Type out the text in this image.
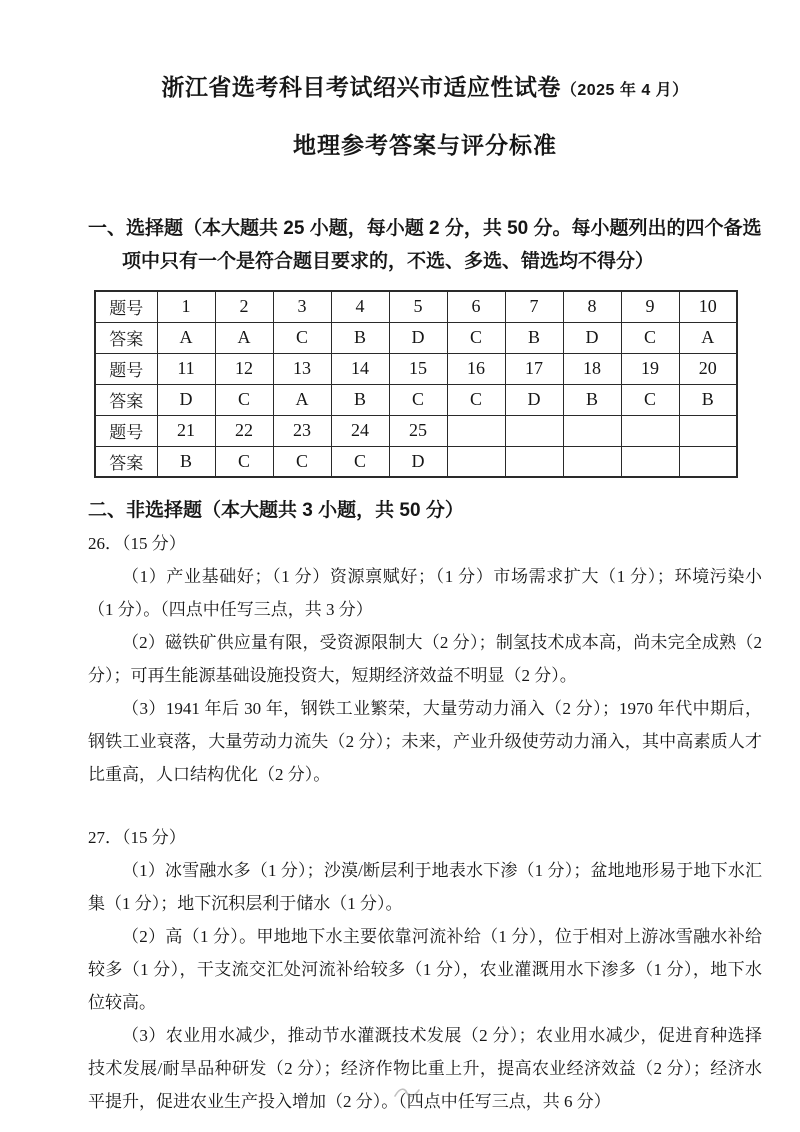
浙江省选考科目考试绍兴市适应性试卷（2025 年 4 月）
地理参考答案与评分标准
一、选择题（本大题共 25 小题，每小题 2 分，共 50 分。每小题列出的四个备选项中只有一个是符合题目要求的，不选、多选、错选均不得分）
题号	1	2	3	4	5	6	7	8	9	10
答案	A	A	C	B	D	C	B	D	C	A
题号	11	12	13	14	15	16	17	18	19	20
答案	D	C	A	B	C	C	D	B	C	B
题号	21	22	23	24	25					
答案	B	C	C	C	D					
二、非选择题（本大题共 3 小题，共 50 分）

26．（15 分）

（1）产业基础好；（1 分）资源禀赋好；（1 分）市场需求扩大（1 分）；环境污染小（1 分）。（四点中任写三点，共 3 分）

（2）磁铁矿供应量有限，受资源限制大（2 分）；制氢技术成本高，尚未完全成熟（2 分）；可再生能源基础设施投资大，短期经济效益不明显（2 分）。

（3）1941 年后 30 年，钢铁工业繁荣，大量劳动力涌入（2 分）；1970 年代中期后，钢铁工业衰落，大量劳动力流失（2 分）；未来，产业升级使劳动力涌入，其中高素质人才比重高，人口结构优化（2 分）。

27．（15 分）

（1）冰雪融水多（1 分）；沙漠/断层利于地表水下渗（1 分）；盆地地形易于地下水汇集（1 分）；地下沉积层利于储水（1 分）。

（2）高（1 分）。甲地地下水主要依靠河流补给（1 分），位于相对上游冰雪融水补给较多（1 分），干支流交汇处河流补给较多（1 分），农业灌溉用水下渗多（1 分），地下水位较高。

（3）农业用水减少，推动节水灌溉技术发展（2 分）；农业用水减少，促进育种选择技术发展/耐旱品种研发（2 分）；经济作物比重上升，提高农业经济效益（2 分）；经济水平提升，促进农业生产投入增加（2 分）。（四点中任写三点，共 6 分）
